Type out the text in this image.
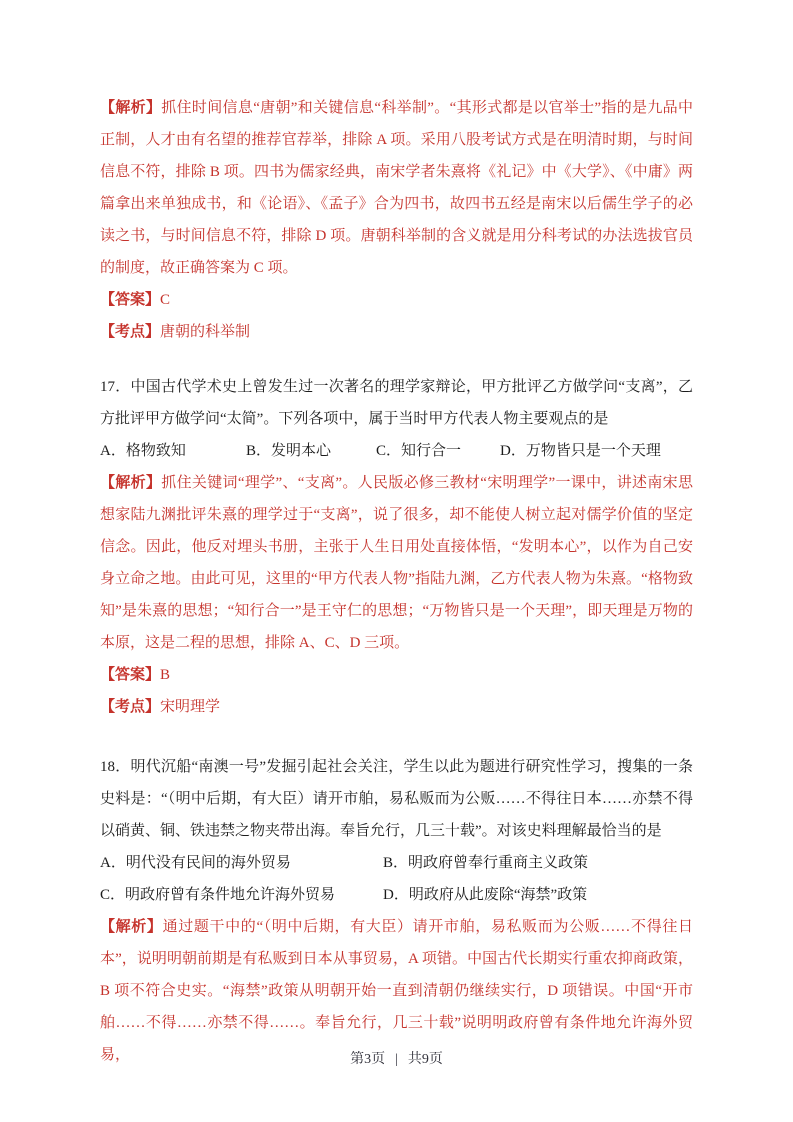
【解析】抓住时间信息“唐朝”和关键信息“科举制”。“其形式都是以官举士”指的是九品中正制，人才由有名望的推荐官荐举，排除 A 项。采用八股考试方式是在明清时期，与时间信息不符，排除 B 项。四书为儒家经典，南宋学者朱熹将《礼记》中《大学》、《中庸》两篇拿出来单独成书，和《论语》、《孟子》合为四书，故四书五经是南宋以后儒生学子的必读之书，与时间信息不符，排除 D 项。唐朝科举制的含义就是用分科考试的办法选拔官员的制度，故正确答案为 C 项。

【答案】C

【考点】唐朝的科举制

17．中国古代学术史上曾发生过一次著名的理学家辩论，甲方批评乙方做学问“支离”，乙方批评甲方做学问“太简”。下列各项中，属于当时甲方代表人物主要观点的是

A．格物致知	B．发明本心	C．知行合一	D．万物皆只是一个天理

【解析】抓住关键词“理学”、“支离”。人民版必修三教材“宋明理学”一课中，讲述南宋思想家陆九渊批评朱熹的理学过于“支离”，说了很多，却不能使人树立起对儒学价值的坚定信念。因此，他反对埋头书册，主张于人生日用处直接体悟，“发明本心”，以作为自己安身立命之地。由此可见，这里的“甲方代表人物”指陆九渊，乙方代表人物为朱熹。“格物致知”是朱熹的思想；“知行合一”是王守仁的思想；“万物皆只是一个天理”，即天理是万物的本原，这是二程的思想，排除 A、C、D 三项。

【答案】B

【考点】宋明理学

18．明代沉船“南澳一号”发掘引起社会关注，学生以此为题进行研究性学习，搜集的一条史料是：“（明中后期，有大臣）请开市舶，易私贩而为公贩……不得往日本……亦禁不得以硝黄、铜、铁违禁之物夹带出海。奉旨允行，几三十载”。对该史料理解最恰当的是

A．明代没有民间的海外贸易	B．明政府曾奉行重商主义政策
C．明政府曾有条件地允许海外贸易	D．明政府从此废除“海禁”政策

【解析】通过题干中的“（明中后期，有大臣）请开市舶，易私贩而为公贩……不得往日本”，说明明朝前期是有私贩到日本从事贸易，A 项错。中国古代长期实行重农抑商政策，B 项不符合史实。“海禁”政策从明朝开始一直到清朝仍继续实行，D 项错误。中国“开市舶……不得……亦禁不得……。奉旨允行，几三十载”说明明政府曾有条件地允许海外贸易，	第3页 | 共9页
